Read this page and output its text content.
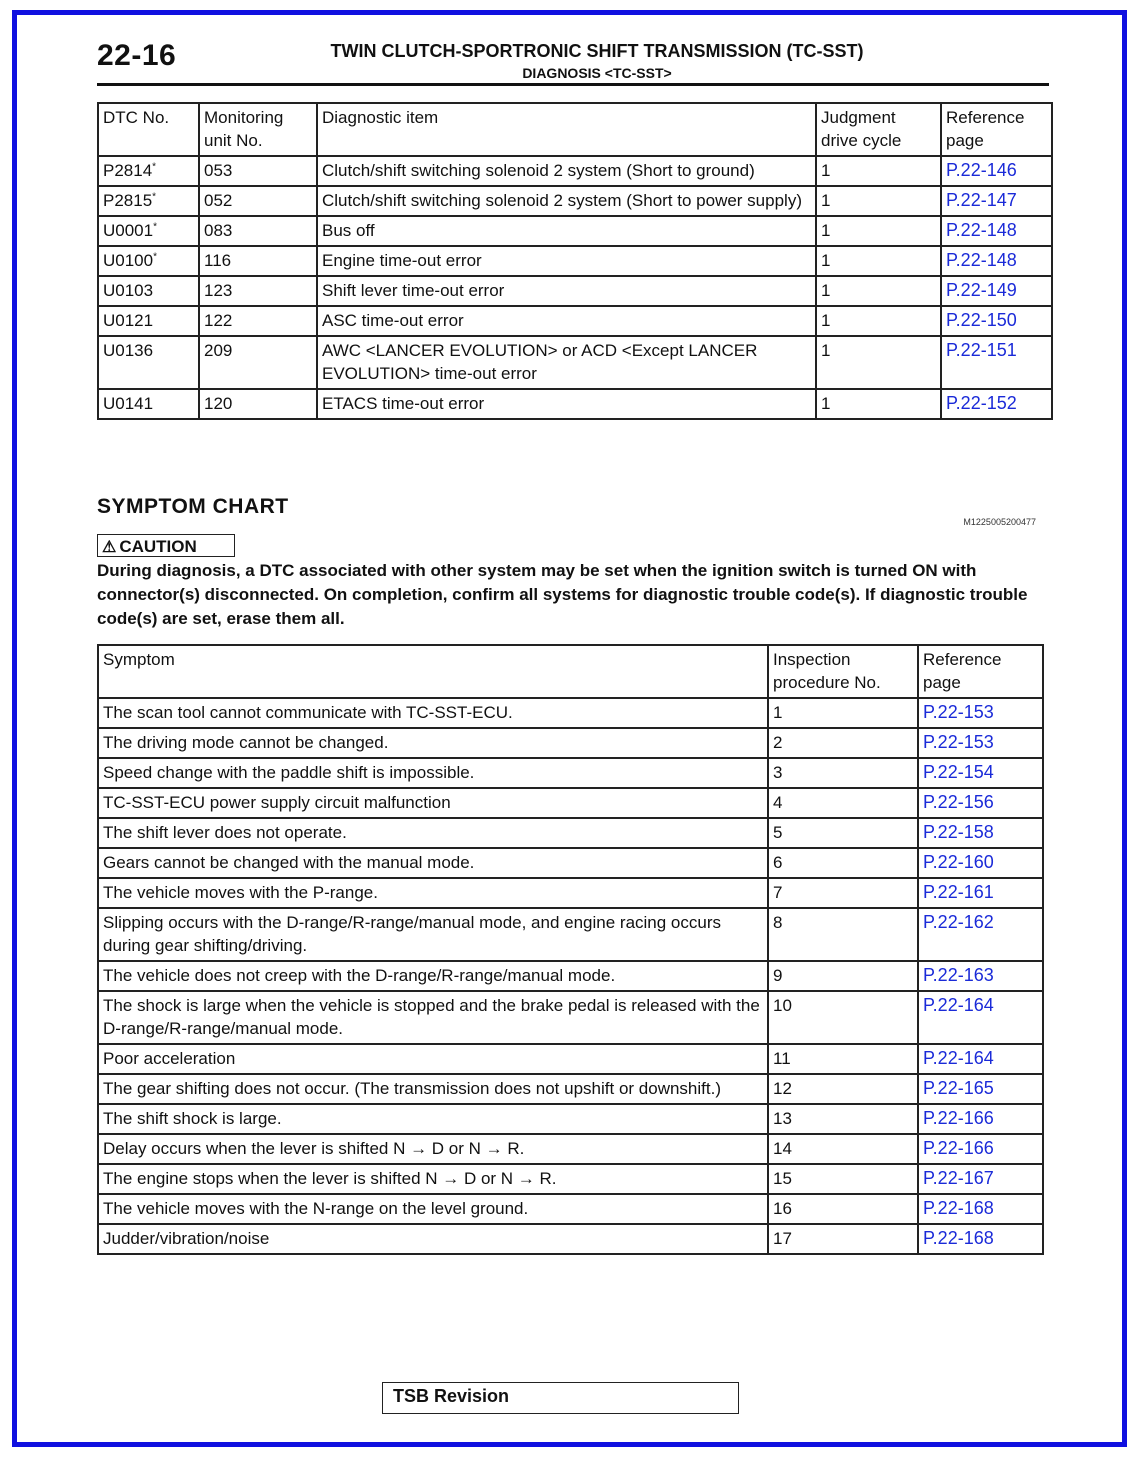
22-16	TWIN CLUTCH-SPORTRONIC SHIFT TRANSMISSION (TC-SST)
DIAGNOSIS <TC-SST>
DTC No.	Monitoring unit No.	Diagnostic item	Judgment drive cycle	Reference page
P2814*	053	Clutch/shift switching solenoid 2 system (Short to ground)	1	P.22-146
P2815*	052	Clutch/shift switching solenoid 2 system (Short to power supply)	1	P.22-147
U0001*	083	Bus off	1	P.22-148
U0100*	116	Engine time-out error	1	P.22-148
U0103	123	Shift lever time-out error	1	P.22-149
U0121	122	ASC time-out error	1	P.22-150
U0136	209	AWC <LANCER EVOLUTION> or ACD <Except LANCER EVOLUTION> time-out error	1	P.22-151
U0141	120	ETACS time-out error	1	P.22-152
SYMPTOM CHART
M1225005200477
⚠ CAUTION
During diagnosis, a DTC associated with other system may be set when the ignition switch is turned ON with connector(s) disconnected. On completion, confirm all systems for diagnostic trouble code(s). If diagnostic trouble code(s) are set, erase them all.
Symptom	Inspection procedure No.	Reference page
The scan tool cannot communicate with TC-SST-ECU.	1	P.22-153
The driving mode cannot be changed.	2	P.22-153
Speed change with the paddle shift is impossible.	3	P.22-154
TC-SST-ECU power supply circuit malfunction	4	P.22-156
The shift lever does not operate.	5	P.22-158
Gears cannot be changed with the manual mode.	6	P.22-160
The vehicle moves with the P-range.	7	P.22-161
Slipping occurs with the D-range/R-range/manual mode, and engine racing occurs during gear shifting/driving.	8	P.22-162
The vehicle does not creep with the D-range/R-range/manual mode.	9	P.22-163
The shock is large when the vehicle is stopped and the brake pedal is released with the D-range/R-range/manual mode.	10	P.22-164
Poor acceleration	11	P.22-164
The gear shifting does not occur. (The transmission does not upshift or downshift.)	12	P.22-165
The shift shock is large.	13	P.22-166
Delay occurs when the lever is shifted N → D or N → R.	14	P.22-166
The engine stops when the lever is shifted N → D or N → R.	15	P.22-167
The vehicle moves with the N-range on the level ground.	16	P.22-168
Judder/vibration/noise	17	P.22-168
TSB Revision
